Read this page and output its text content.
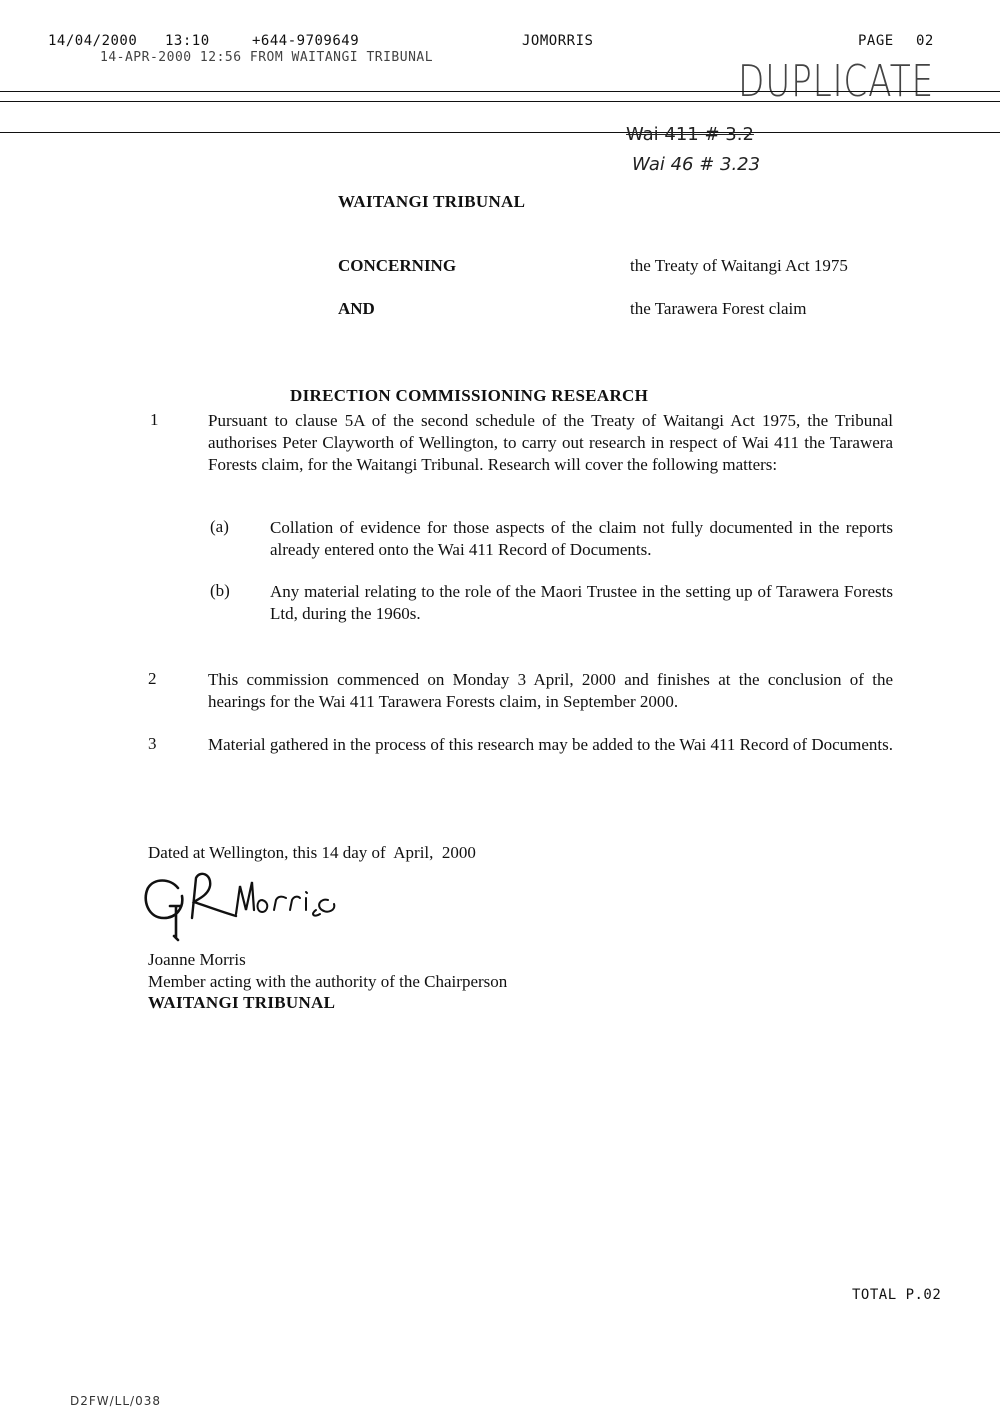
14/04/2000 13:10	+644-9709649	JOMORRIS	PAGE 02
14-APR-2000 12:56 FROM WAITANGI TRIBUNAL	DUPLICATE
Wai 411 # 3.2
Wai 46 # 3.23
WAITANGI TRIBUNAL
CONCERNING	the Treaty of Waitangi Act 1975
AND	the Tarawera Forest claim
DIRECTION COMMISSIONING RESEARCH
1	Pursuant to clause 5A of the second schedule of the Treaty of Waitangi Act 1975, the Tribunal authorises Peter Clayworth of Wellington, to carry out research in respect of Wai 411 the Tarawera Forests claim, for the Waitangi Tribunal. Research will cover the following matters:
(a) Collation of evidence for those aspects of the claim not fully documented in the reports already entered onto the Wai 411 Record of Documents.
(b) Any material relating to the role of the Maori Trustee in the setting up of Tarawera Forests Ltd, during the 1960s.
2	This commission commenced on Monday 3 April, 2000 and finishes at the conclusion of the hearings for the Wai 411 Tarawera Forests claim, in September 2000.
3	Material gathered in the process of this research may be added to the Wai 411 Record of Documents.
Dated at Wellington, this 14 day of  April,  2000
Joanne Morris
Member acting with the authority of the Chairperson
WAITANGI TRIBUNAL
TOTAL P.02
D2FW/LL/038
